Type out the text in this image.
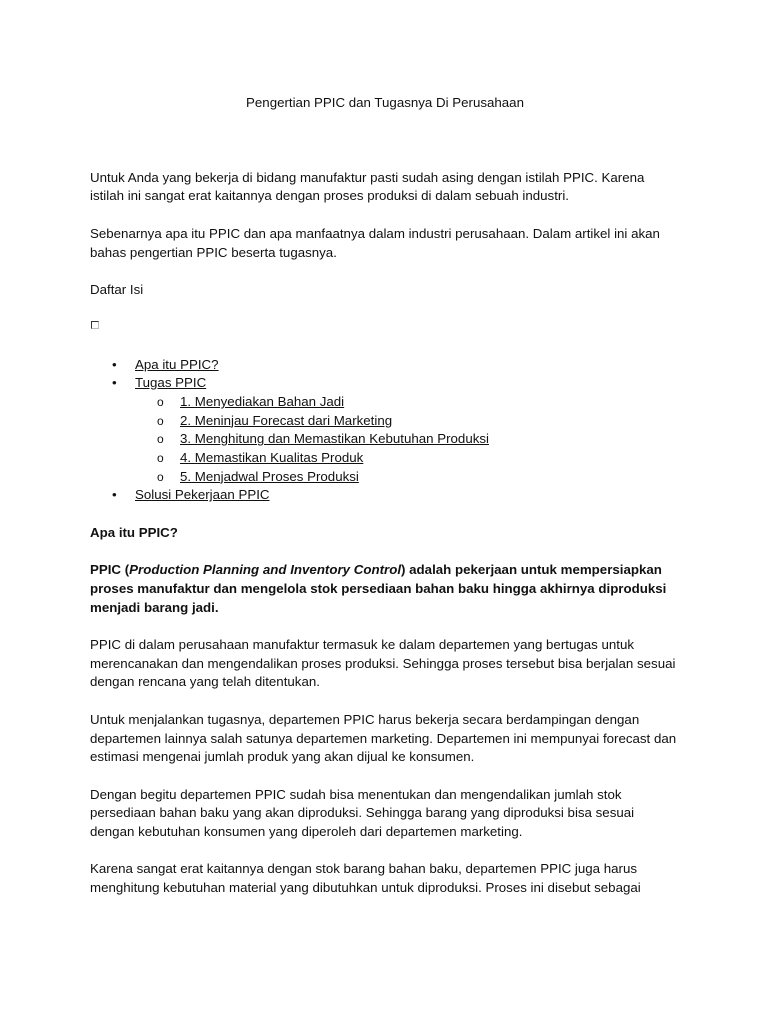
Pengertian PPIC dan Tugasnya Di Perusahaan

Untuk Anda yang bekerja di bidang manufaktur pasti sudah asing dengan istilah PPIC. Karena istilah ini sangat erat kaitannya dengan proses produksi di dalam sebuah industri.

Sebenarnya apa itu PPIC dan apa manfaatnya dalam industri perusahaan. Dalam artikel ini akan bahas pengertian PPIC beserta tugasnya.

Daftar Isi

• Apa itu PPIC?
• Tugas PPIC
o 1. Menyediakan Bahan Jadi
o 2. Meninjau Forecast dari Marketing
o 3. Menghitung dan Memastikan Kebutuhan Produksi
o 4. Memastikan Kualitas Produk
o 5. Menjadwal Proses Produksi
• Solusi Pekerjaan PPIC

Apa itu PPIC?

PPIC (Production Planning and Inventory Control) adalah pekerjaan untuk mempersiapkan proses manufaktur dan mengelola stok persediaan bahan baku hingga akhirnya diproduksi menjadi barang jadi.

PPIC di dalam perusahaan manufaktur termasuk ke dalam departemen yang bertugas untuk merencanakan dan mengendalikan proses produksi. Sehingga proses tersebut bisa berjalan sesuai dengan rencana yang telah ditentukan.

Untuk menjalankan tugasnya, departemen PPIC harus bekerja secara berdampingan dengan departemen lainnya salah satunya departemen marketing. Departemen ini mempunyai forecast dan estimasi mengenai jumlah produk yang akan dijual ke konsumen.

Dengan begitu departemen PPIC sudah bisa menentukan dan mengendalikan jumlah stok persediaan bahan baku yang akan diproduksi. Sehingga barang yang diproduksi bisa sesuai dengan kebutuhan konsumen yang diperoleh dari departemen marketing.

Karena sangat erat kaitannya dengan stok barang bahan baku, departemen PPIC juga harus menghitung kebutuhan material yang dibutuhkan untuk diproduksi. Proses ini disebut sebagai
